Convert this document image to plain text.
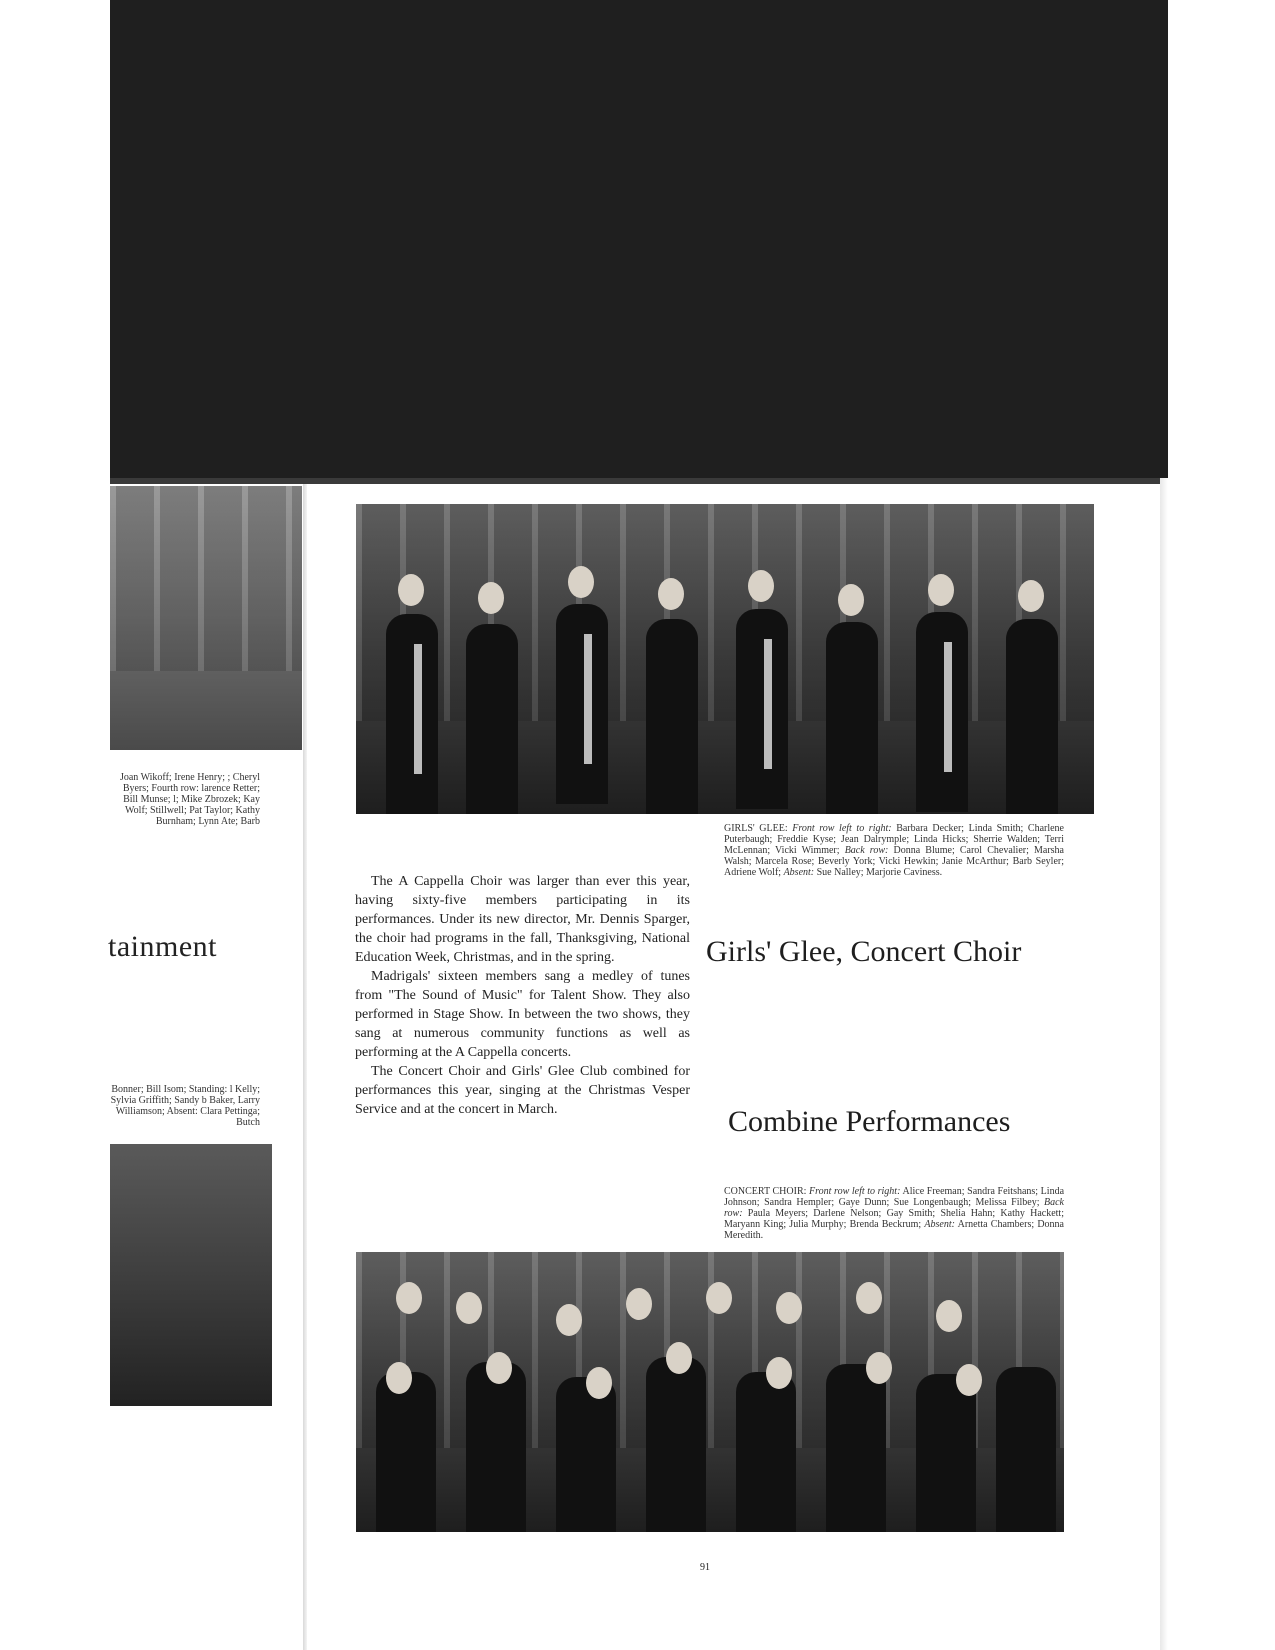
Joan Wikoff; Irene Henry; ; Cheryl Byers; Fourth row: larence Retter; Bill Munse; l; Mike Zbrozek; Kay Wolf; Stillwell; Pat Taylor; Kathy Burnham; Lynn Ate; Barb
tainment
Bonner; Bill Isom; Standing: l Kelly; Sylvia Griffith; Sandy b Baker, Larry Williamson; Absent: Clara Pettinga; Butch
GIRLS' GLEE: Front row left to right: Barbara Decker; Linda Smith; Charlene Puterbaugh; Freddie Kyse; Jean Dalrymple; Linda Hicks; Sherrie Walden; Terri McLennan; Vicki Wimmer; Back row: Donna Blume; Carol Chevalier; Marsha Walsh; Marcela Rose; Beverly York; Vicki Hewkin; Janie McArthur; Barb Seyler; Adriene Wolf; Absent: Sue Nalley; Marjorie Caviness.
Girls' Glee, Concert Choir

The A Cappella Choir was larger than ever this year, having sixty-five members participating in its performances. Under its new director, Mr. Dennis Sparger, the choir had programs in the fall, Thanksgiving, National Education Week, Christmas, and in the spring.

Madrigals' sixteen members sang a medley of tunes from "The Sound of Music" for Talent Show. They also performed in Stage Show. In between the two shows, they sang at numerous community functions as well as performing at the A Cappella concerts.

The Concert Choir and Girls' Glee Club combined for performances this year, singing at the Christmas Vesper Service and at the concert in March.	Combine Performances
CONCERT CHOIR: Front row left to right: Alice Freeman; Sandra Feitshans; Linda Johnson; Sandra Hempler; Gaye Dunn; Sue Longenbaugh; Melissa Filbey; Back row: Paula Meyers; Darlene Nelson; Gay Smith; Shelia Hahn; Kathy Hackett; Maryann King; Julia Murphy; Brenda Beckrum; Absent: Arnetta Chambers; Donna Meredith.
91
